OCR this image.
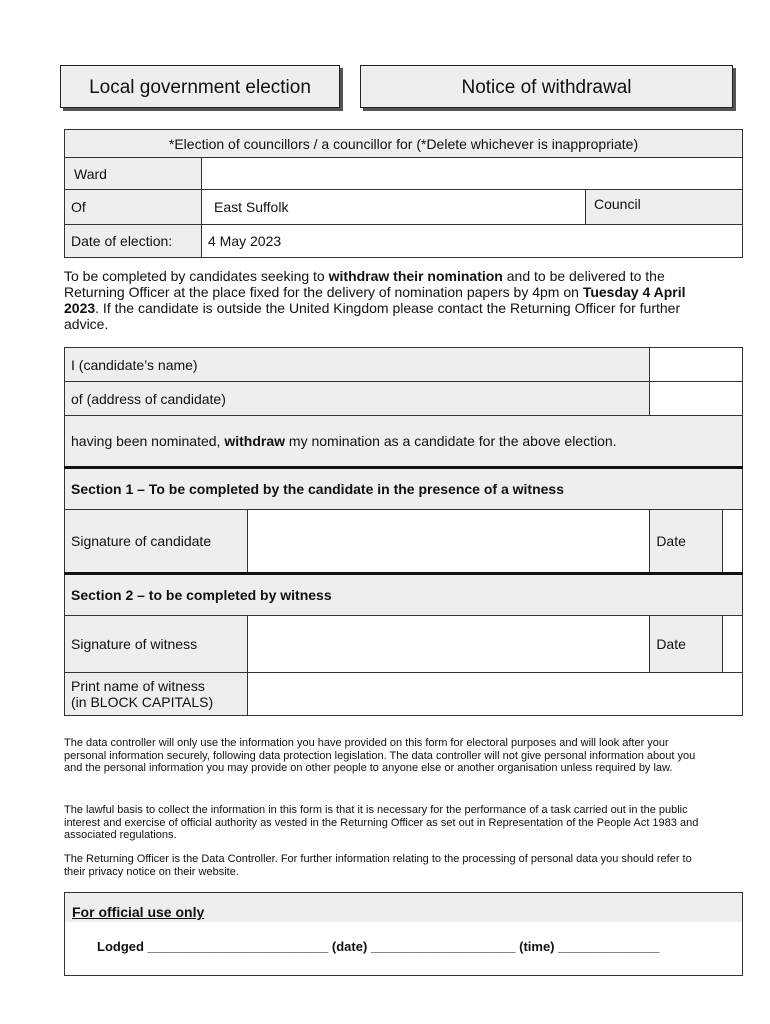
Local government election	Notice of withdrawal
*Election of councillors / a councillor for (*Delete whichever is inappropriate)		
Ward		
Of	East Suffolk	Council
Date of election:	4 May 2023	
To be completed by candidates seeking to withdraw their nomination and to be delivered to the Returning Officer at the place fixed for the delivery of nomination papers by 4pm on Tuesday 4 April 2023. If the candidate is outside the United Kingdom please contact the Returning Officer for further advice.
I (candidate’s name)			
of (address of candidate)			
having been nominated, withdraw my nomination as a candidate for the above election.			
Section 1 – To be completed by the candidate in the presence of a witness			
Signature of candidate		Date	
Section 2 – to be completed by witness			
Signature of witness		Date	

Print name of witness
(in BLOCK CAPITALS)			

The data controller will only use the information you have provided on this form for electoral purposes and will look after your personal information securely, following data protection legislation. The data controller will not give personal information about you and the personal information you may provide on other people to anyone else or another organisation unless required by law.
The lawful basis to collect the information in this form is that it is necessary for the performance of a task carried out in the public interest and exercise of official authority as vested in the Returning Officer as set out in Representation of the People Act 1983 and associated regulations.
The Returning Officer is the Data Controller. For further information relating to the processing of personal data you should refer to their privacy notice on their website.
For official use only
Lodged _________________________ (date) ____________________ (time) ______________
